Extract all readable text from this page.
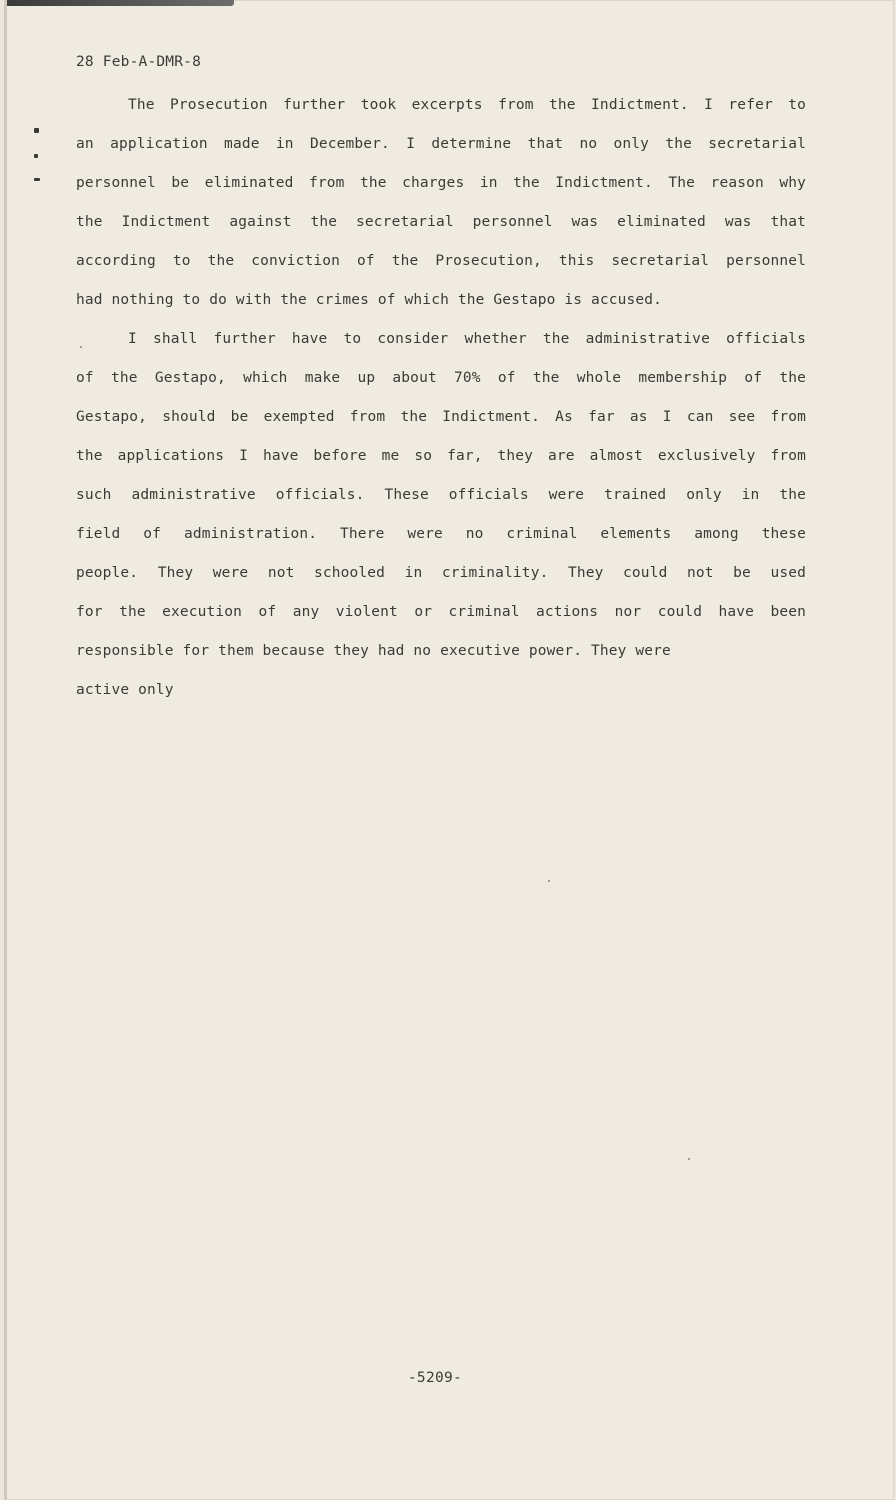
28 Feb-A-DMR-8
The Prosecution further took excerpts from the Indictment. I refer to
an application made in December. I determine that no only the secretarial
personnel be eliminated from the charges in the Indictment. The reason why
the Indictment against the secretarial personnel was eliminated was that
according to the conviction of the Prosecution, this secretarial personnel
had nothing to do with the crimes of which the Gestapo is accused.
I shall further have to consider whether the administrative officials
of the Gestapo, which make up about 70% of the whole membership of the
Gestapo, should be exempted from the Indictment. As far as I can see from
the applications I have before me so far, they are almost exclusively from
such administrative officials. These officials were trained only in the
field of administration. There were no criminal elements among these
people. They were not schooled in criminality. They could not be used
for the execution of any violent or criminal actions nor could have been
responsible for them because they had no executive power. They were
active only
-5209-
